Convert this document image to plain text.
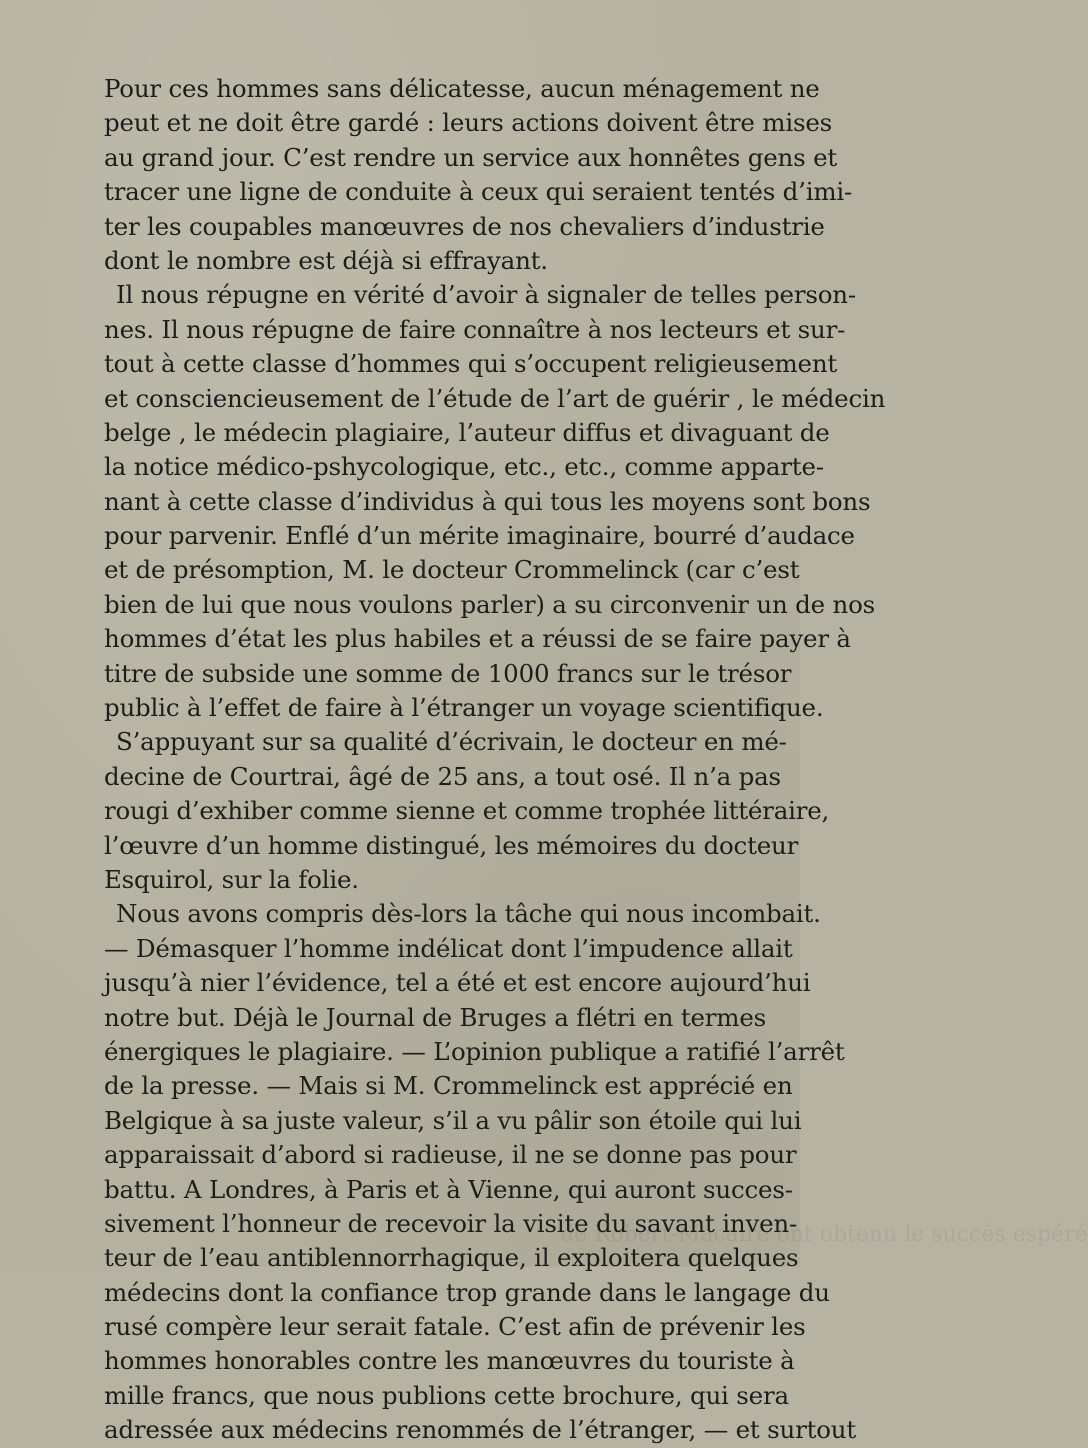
Pour ces hommes sans délicatesse, aucun ménagement ne
peut et ne doit être gardé : leurs actions doivent être mises
au grand jour. C’est rendre un service aux honnêtes gens et
tracer une ligne de conduite à ceux qui seraient tentés d’imi-
ter les coupables manœuvres de nos chevaliers d’industrie
dont le nombre est déjà si effrayant.
Il nous répugne en vérité d’avoir à signaler de telles person-
nes. Il nous répugne de faire connaître à nos lecteurs et sur-
tout à cette classe d’hommes qui s’occupent religieusement
et consciencieusement de l’étude de l’art de guérir , le médecin
belge , le médecin plagiaire, l’auteur diffus et divaguant de
la notice médico-pshycologique, etc., etc., comme apparte-
nant à cette classe d’individus à qui tous les moyens sont bons
pour parvenir. Enflé d’un mérite imaginaire, bourré d’audace
et de présomption, M. le docteur Crommelinck (car c’est
bien de lui que nous voulons parler) a su circonvenir un de nos
hommes d’état les plus habiles et a réussi de se faire payer à
titre de subside une somme de 1000 francs sur le trésor
public à l’effet de faire à l’étranger un voyage scientifique.
S’appuyant sur sa qualité d’écrivain, le docteur en mé-
decine de Courtrai, âgé de 25 ans, a tout osé. Il n’a pas
rougi d’exhiber comme sienne et comme trophée littéraire,
l’œuvre d’un homme distingué, les mémoires du docteur
Esquirol, sur la folie.
Nous avons compris dès-lors la tâche qui nous incombait.
— Démasquer l’homme indélicat dont l’impudence allait
jusqu’à nier l’évidence, tel a été et est encore aujourd’hui
notre but. Déjà le Journal de Bruges a flétri en termes
énergiques le plagiaire. — L’opinion publique a ratifié l’arrêt
de la presse. — Mais si M. Crommelinck est apprécié en
Belgique à sa juste valeur, s’il a vu pâlir son étoile qui lui
apparaissait d’abord si radieuse, il ne se donne pas pour
battu. A Londres, à Paris et à Vienne, qui auront succes-
sivement l’honneur de recevoir la visite du savant inven-
teur de l’eau antiblennorrhagique, il exploitera quelques
médecins dont la confiance trop grande dans le langage du
rusé compère leur serait fatale. C’est afin de prévenir les
hommes honorables contre les manœuvres du touriste à
mille francs, que nous publions cette brochure, qui sera
adressée aux médecins renommés de l’étranger, — et surtout
de Robert-Macaire ont obtenu le succès espéré
